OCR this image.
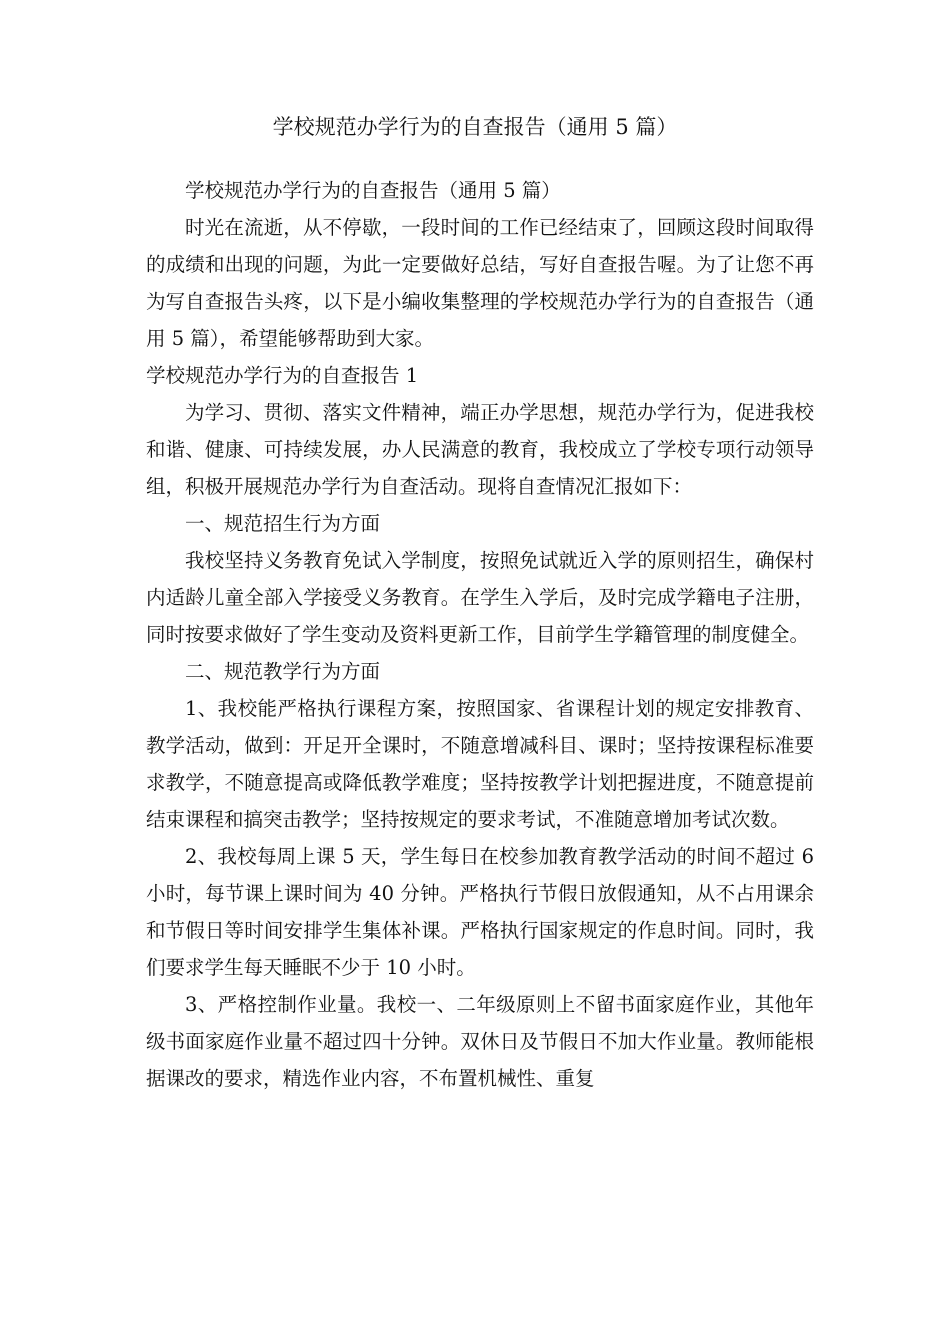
学校规范办学行为的自查报告（通用 5 篇）

学校规范办学行为的自查报告（通用 5 篇）

时光在流逝，从不停歇，一段时间的工作已经结束了，回顾这段时间取得的成绩和出现的问题，为此一定要做好总结，写好自查报告喔。为了让您不再为写自查报告头疼，以下是小编收集整理的学校规范办学行为的自查报告（通用 5 篇），希望能够帮助到大家。

学校规范办学行为的自查报告 1

为学习、贯彻、落实文件精神，端正办学思想，规范办学行为，促进我校和谐、健康、可持续发展，办人民满意的教育，我校成立了学校专项行动领导组，积极开展规范办学行为自查活动。现将自查情况汇报如下：

一、规范招生行为方面

我校坚持义务教育免试入学制度，按照免试就近入学的原则招生，确保村内适龄儿童全部入学接受义务教育。在学生入学后，及时完成学籍电子注册，同时按要求做好了学生变动及资料更新工作，目前学生学籍管理的制度健全。

二、规范教学行为方面

1、我校能严格执行课程方案，按照国家、省课程计划的规定安排教育、教学活动，做到：开足开全课时，不随意增减科目、课时；坚持按课程标准要求教学，不随意提高或降低教学难度；坚持按教学计划把握进度，不随意提前结束课程和搞突击教学；坚持按规定的要求考试，不准随意增加考试次数。

2、我校每周上课 5 天，学生每日在校参加教育教学活动的时间不超过 6 小时，每节课上课时间为 40 分钟。严格执行节假日放假通知，从不占用课余和节假日等时间安排学生集体补课。严格执行国家规定的作息时间。同时，我们要求学生每天睡眠不少于 10 小时。

3、严格控制作业量。我校一、二年级原则上不留书面家庭作业，其他年级书面家庭作业量不超过四十分钟。双休日及节假日不加大作业量。教师能根据课改的要求，精选作业内容，不布置机械性、重复
